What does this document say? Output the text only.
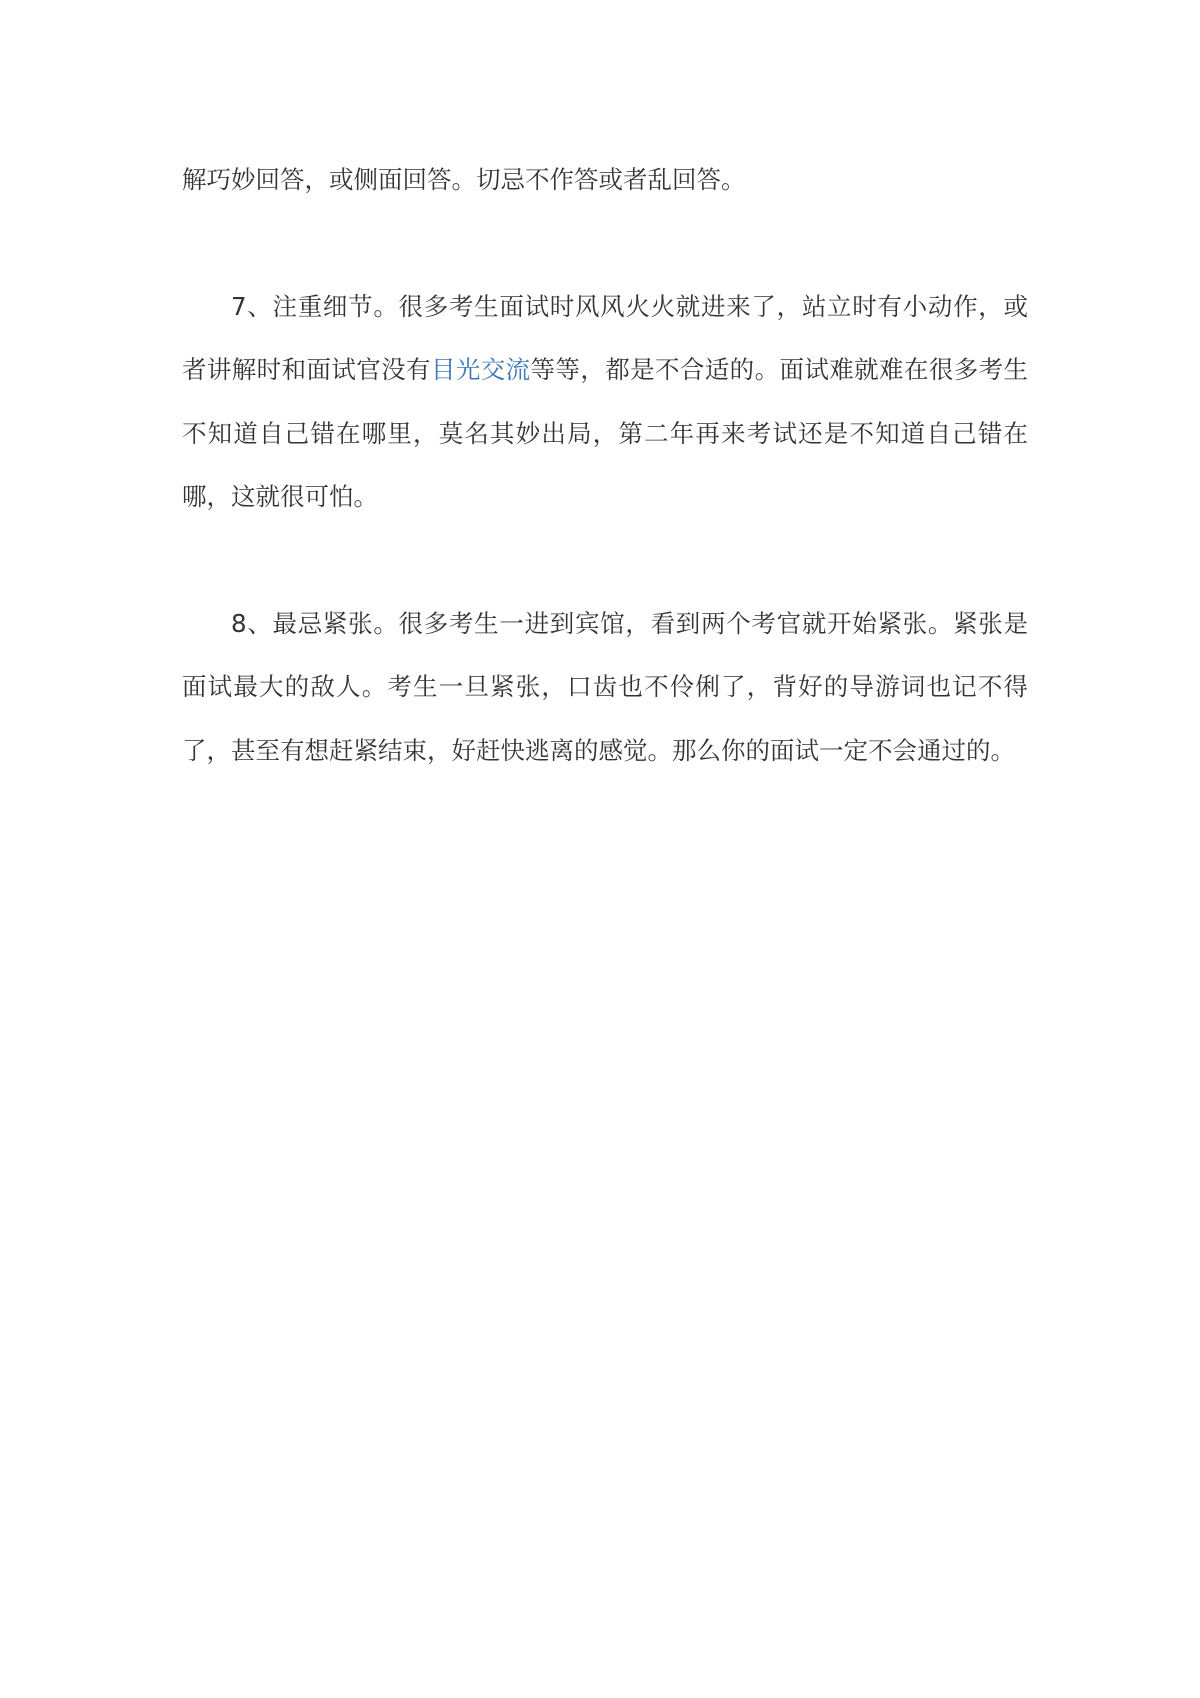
解巧妙回答，或侧面回答。切忌不作答或者乱回答。

7、注重细节。很多考生面试时风风火火就进来了，站立时有小动作，或者讲解时和面试官没有目光交流等等，都是不合适的。面试难就难在很多考生不知道自己错在哪里，莫名其妙出局，第二年再来考试还是不知道自己错在哪，这就很可怕。

8、最忌紧张。很多考生一进到宾馆，看到两个考官就开始紧张。紧张是面试最大的敌人。考生一旦紧张，口齿也不伶俐了，背好的导游词也记不得了，甚至有想赶紧结束，好赶快逃离的感觉。那么你的面试一定不会通过的。
